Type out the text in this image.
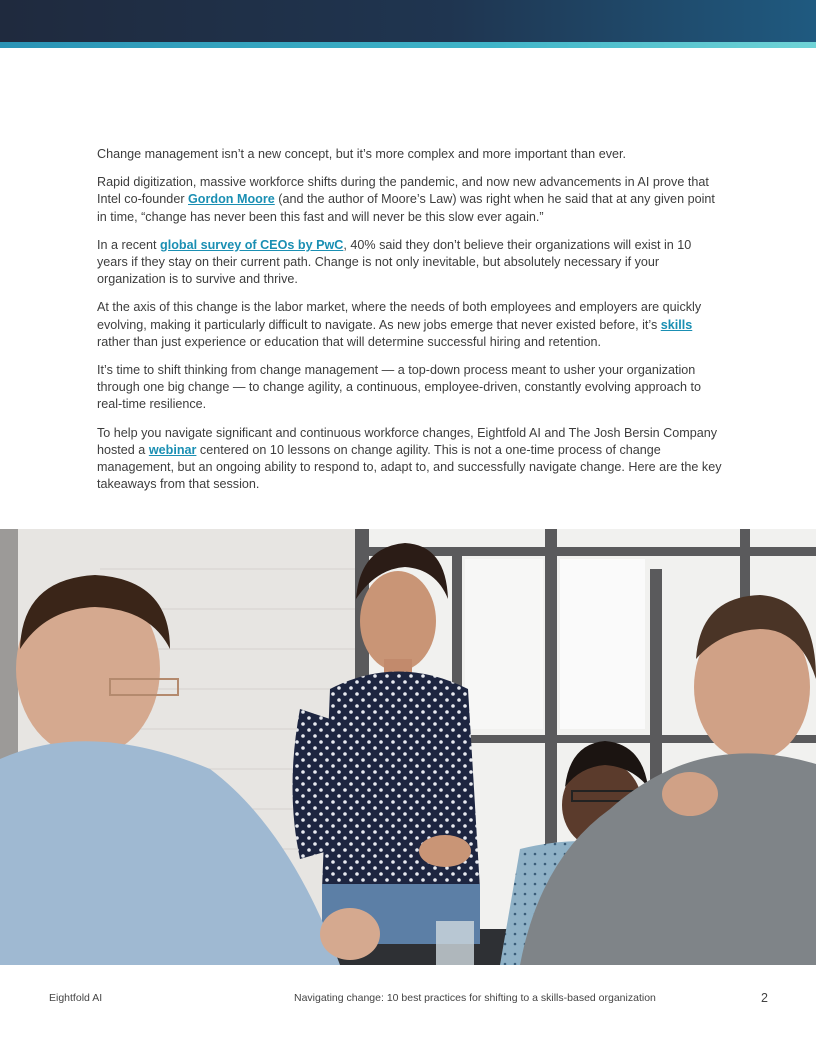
Change management isn’t a new concept, but it’s more complex and more important than ever.

Rapid digitization, massive workforce shifts during the pandemic, and now new advancements in AI prove that Intel co-founder Gordon Moore (and the author of Moore’s Law) was right when he said that at any given point in time, “change has never been this fast and will never be this slow ever again.”

In a recent global survey of CEOs by PwC, 40% said they don’t believe their organizations will exist in 10 years if they stay on their current path. Change is not only inevitable, but absolutely necessary if your organization is to survive and thrive.

At the axis of this change is the labor market, where the needs of both employees and employers are quickly evolving, making it particularly difficult to navigate. As new jobs emerge that never existed before, it’s skills rather than just experience or education that will determine successful hiring and retention.

It’s time to shift thinking from change management — a top-down process meant to usher your organization through one big change — to change agility, a continuous, employee-driven, constantly evolving approach to real-time resilience.

To help you navigate significant and continuous workforce changes, Eightfold AI and The Josh Bersin Company hosted a webinar centered on 10 lessons on change agility. This is not a one-time process of change management, but an ongoing ability to respond to, adapt to, and successfully navigate change. Here are the key takeaways from that session.

Eightfold AI	Navigating change: 10 best practices for shifting to a skills-based organization	2
